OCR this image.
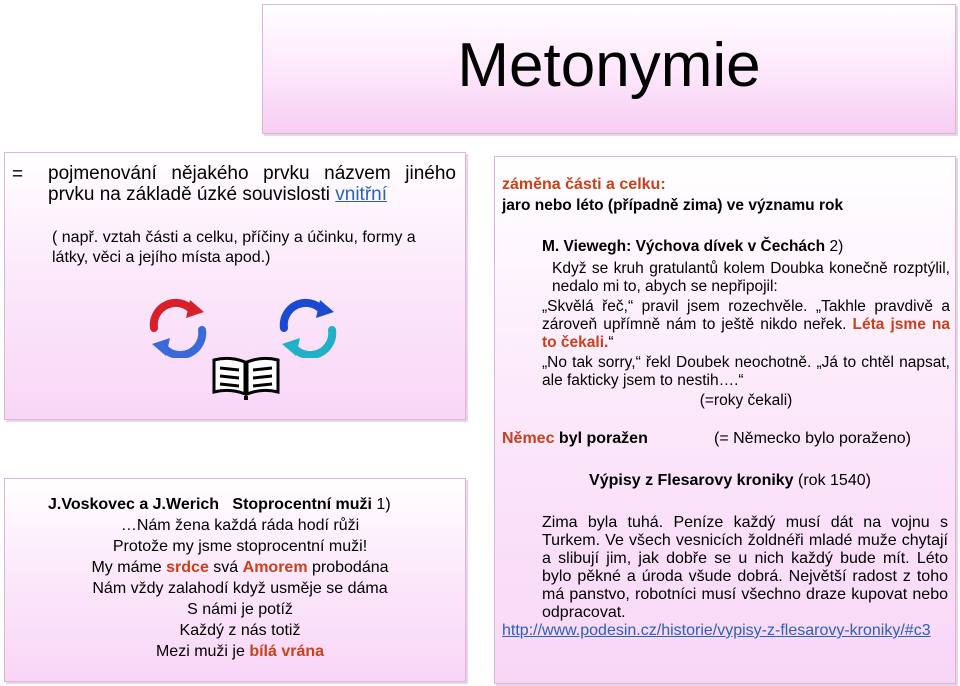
Metonymie
= pojmenování nějakého prvku názvem jiného prvku na základě úzké souvislosti vnitřní
( např. vztah části a celku, příčiny a účinku, formy a látky, věci a jejího místa apod.)

J.Voskovec a J.Werich Stoprocentní muži 1)

…Nám žena každá ráda hodí růži

Protože my jsme stoprocentní muži!

My máme srdce svá Amorem probodána

Nám vždy zalahodí když usměje se dáma

S námi je potíž

Každý z nás totiž

Mezi muži je bílá vrána

záměna části a celku:

jaro nebo léto (případně zima) ve významu rok

M. Viewegh: Výchova dívek v Čechách 2)

Když se kruh gratulantů kolem Doubka konečně rozptýlil, nedalo mi to, abych se nepřipojil:

„Skvělá řeč,“ pravil jsem rozechvěle. „Takhle pravdivě a zároveň upřímně nám to ještě nikdo neřek. Léta jsme na to čekali.“

„No tak sorry,“ řekl Doubek neochotně. „Já to chtěl napsat, ale fakticky jsem to nestih….“

(=roky čekali)

Němec byl poražen	(= Německo bylo poraženo)
Výpisy z Flesarovy kroniky (rok 1540)
Zima byla tuhá. Peníze každý musí dát na vojnu s Turkem. Ve všech vesnicích žoldnéři mladé muže chytají a slibují jim, jak dobře se u nich každý bude mít. Léto bylo pěkné a úroda všude dobrá. Největší radost z toho má panstvo, robotníci musí všechno draze kupovat nebo odpracovat.
http://www.podesin.cz/historie/vypisy-z-flesarovy-kroniky/#c3
